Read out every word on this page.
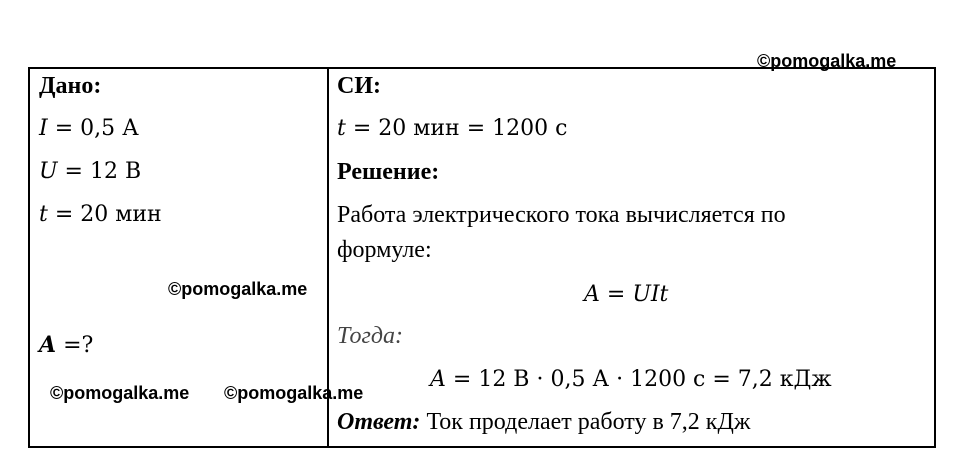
©pomogalka.me
Дано:
I = 0,5 А
U = 12 В
t = 20 мин
A =?
СИ:
t = 20 мин = 1200 с
Решение:
Работа электрического тока вычисляется по
формуле:
A = UIt
Тогда:
A = 12 В · 0,5 А · 1200 с = 7,2 кДж
Ответ: Ток проделает работу в 7,2 кДж
©pomogalka.me
©pomogalka.me ©pomogalka.me
